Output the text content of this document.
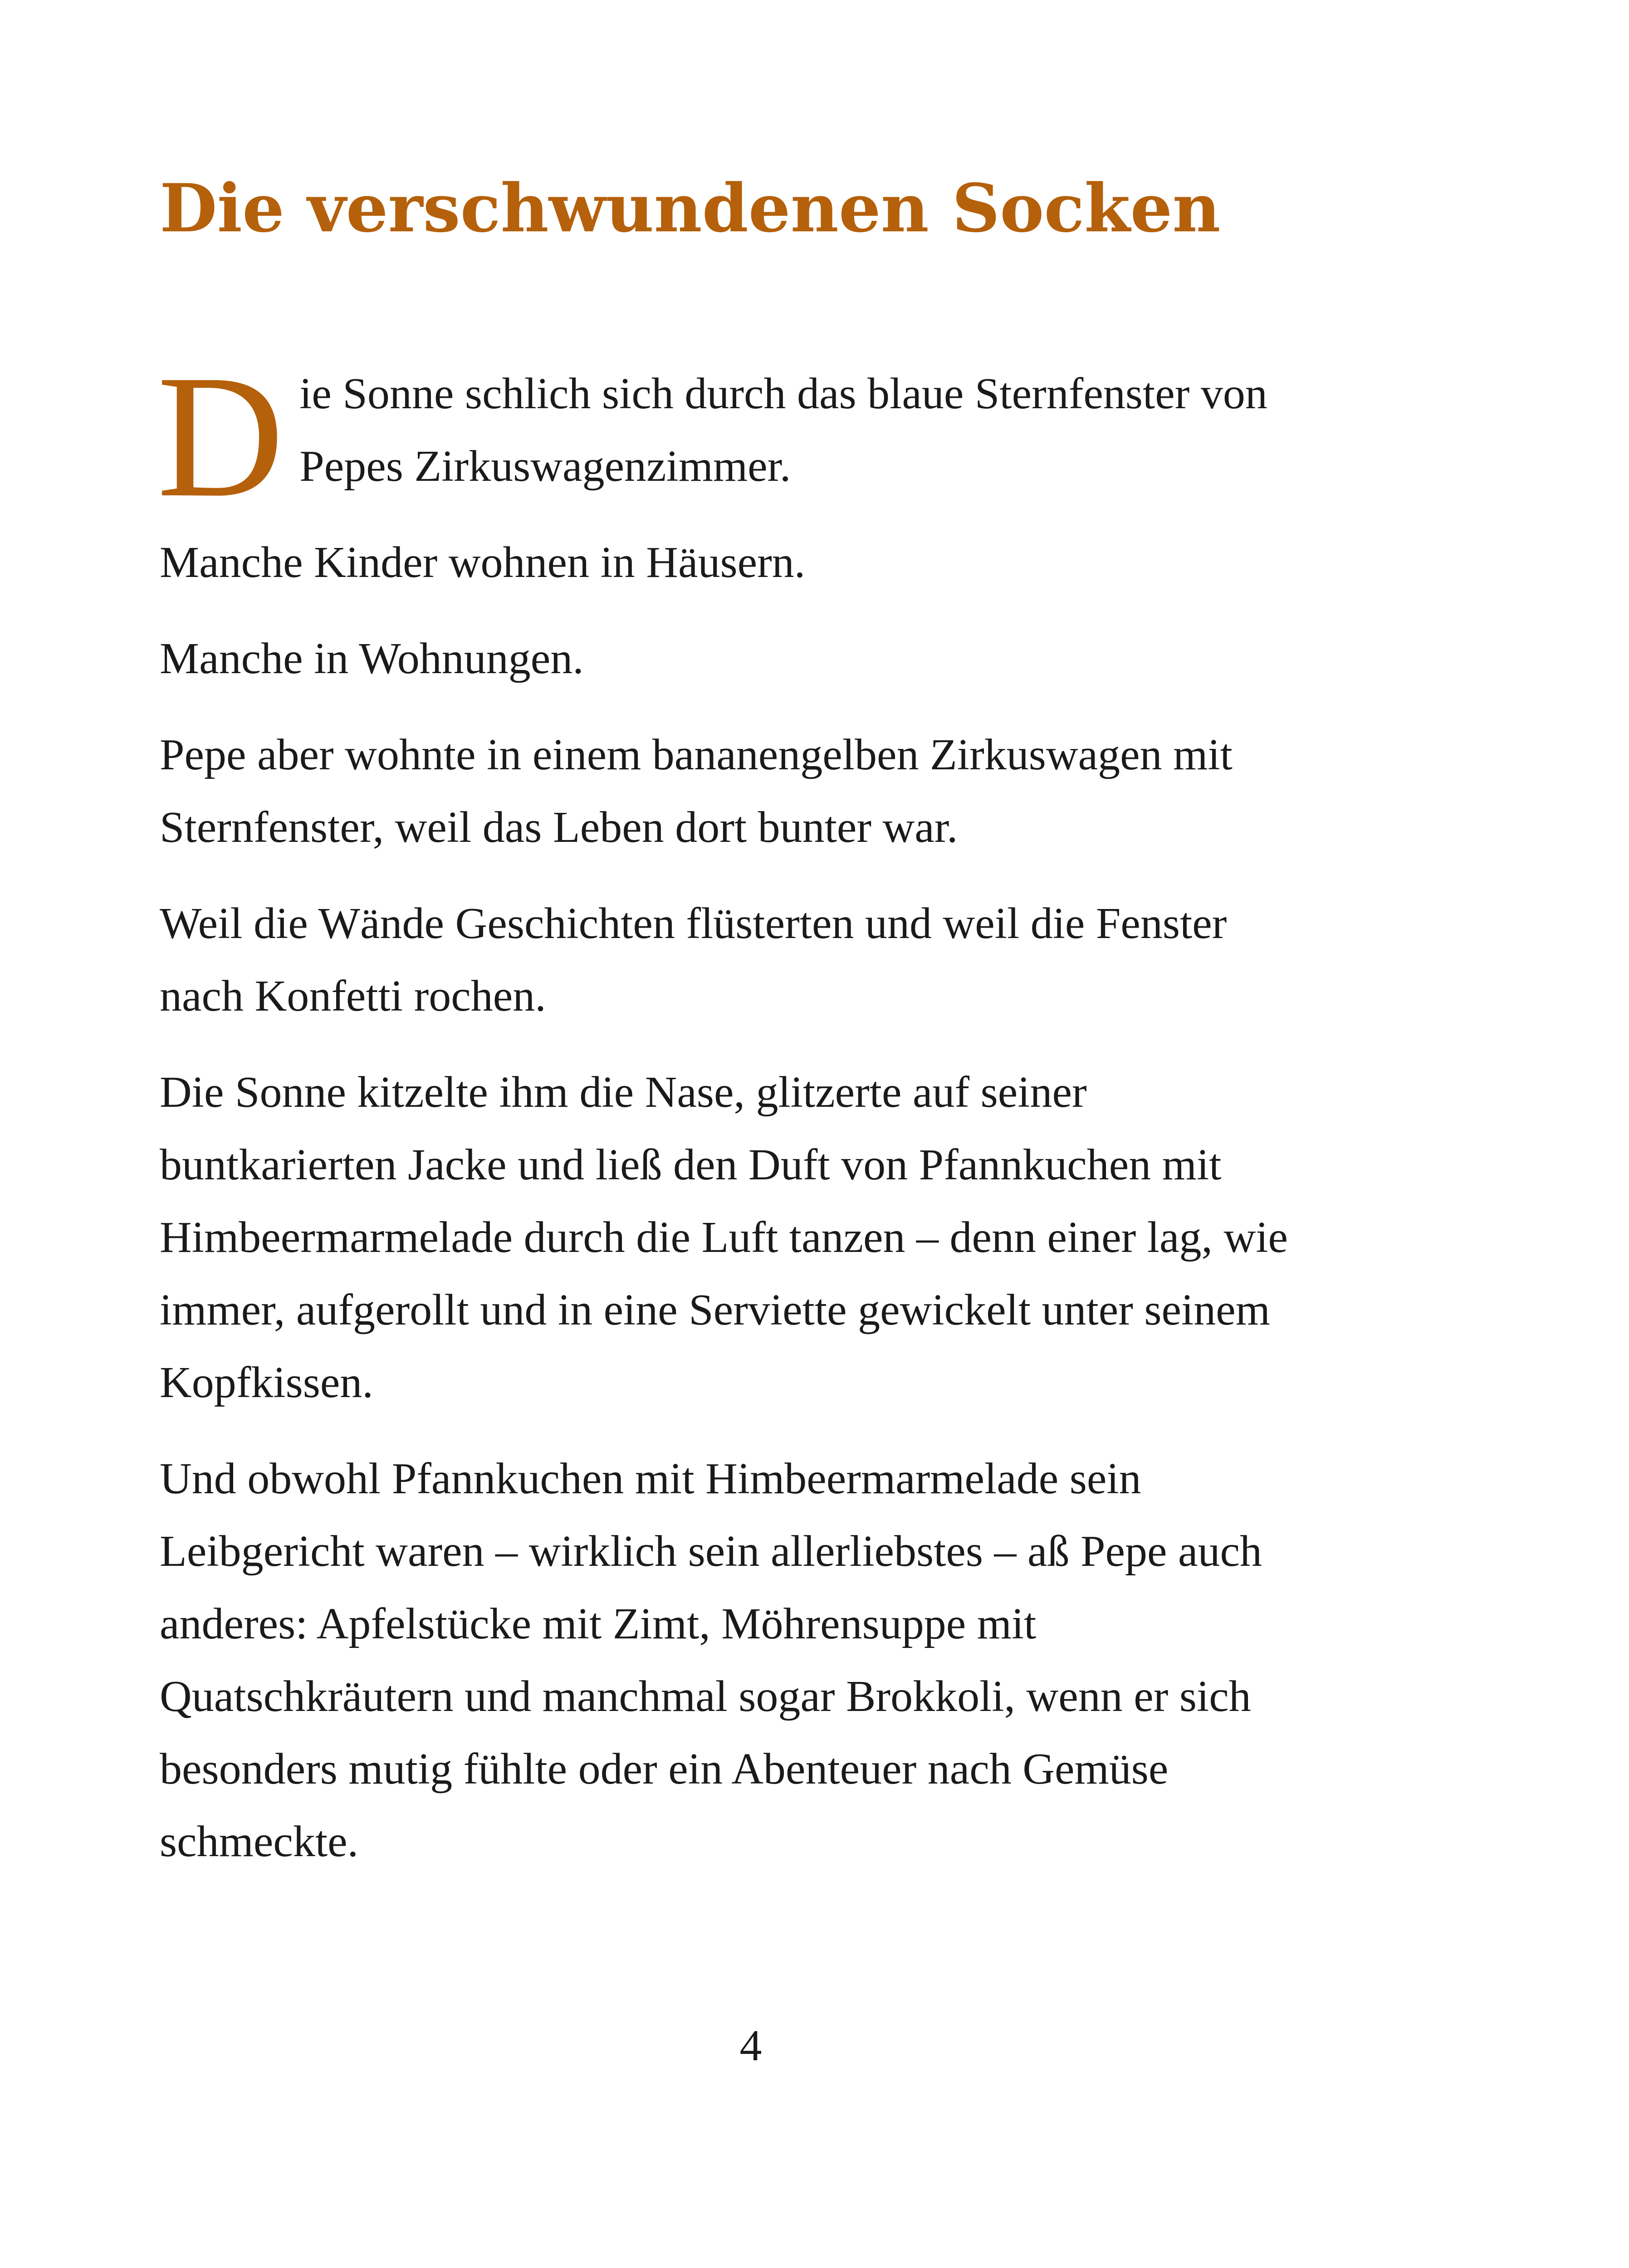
Die verschwundenen Socken

Die Sonne schlich sich durch das blaue Sternfenster von Pepes Zirkuswagenzimmer.

Manche Kinder wohnen in Häusern.

Manche in Wohnungen.

Pepe aber wohnte in einem bananengelben Zirkuswagen mit Sternfenster, weil das Leben dort bunter war.

Weil die Wände Geschichten flüsterten und weil die Fenster nach Konfetti rochen.

Die Sonne kitzelte ihm die Nase, glitzerte auf seiner buntkarierten Jacke und ließ den Duft von Pfannkuchen mit Himbeermarmelade durch die Luft tanzen – denn einer lag, wie immer, aufgerollt und in eine Serviette gewickelt unter seinem Kopfkissen.

Und obwohl Pfannkuchen mit Himbeermarmelade sein Leibgericht waren – wirklich sein allerliebstes – aß Pepe auch anderes: Apfelstücke mit Zimt, Möhrensuppe mit Quatschkräutern und manchmal sogar Brokkoli, wenn er sich besonders mutig fühlte oder ein Abenteuer nach Gemüse schmeckte.

4
